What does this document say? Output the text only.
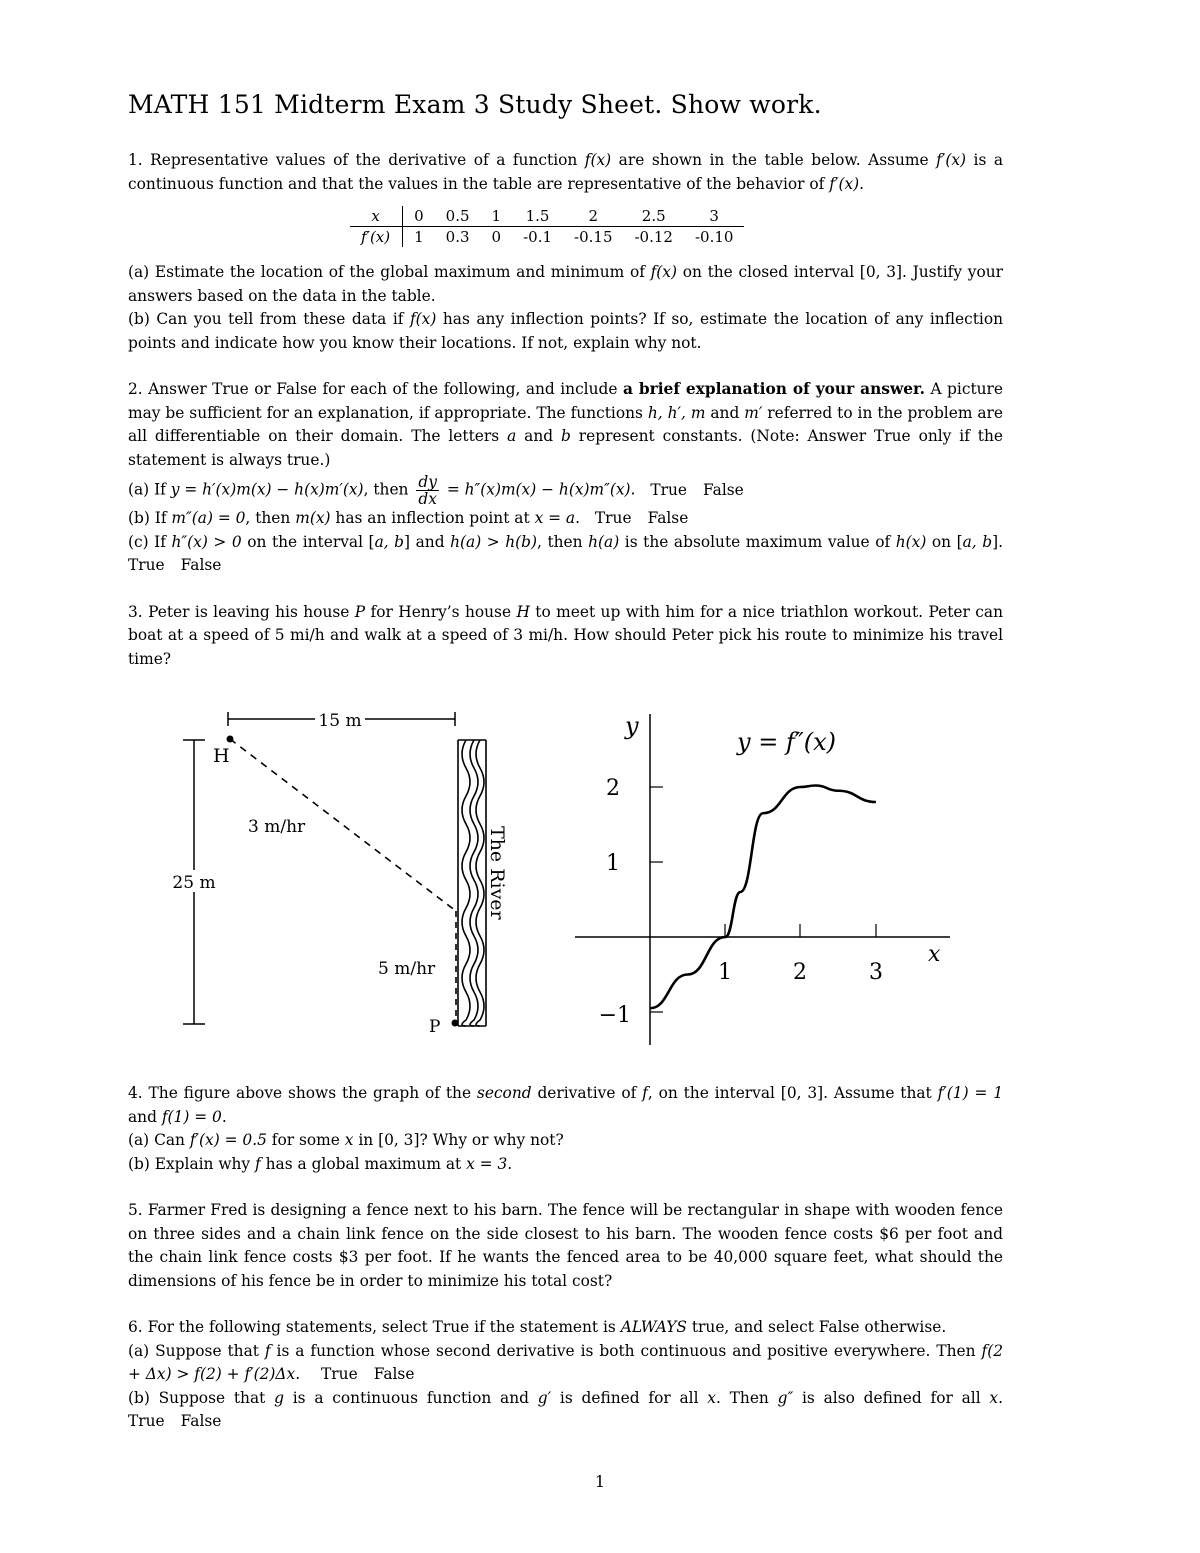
MATH 151 Midterm Exam 3 Study Sheet. Show work.

1. Representative values of the derivative of a function f(x) are shown in the table below. Assume f′(x) is a continuous function and that the values in the table are representative of the behavior of f′(x).

x	0	0.5	1	1.5	2	2.5	3
f′(x)	1	0.3	0	-0.1	-0.15	-0.12	-0.10

(a) Estimate the location of the global maximum and minimum of f(x) on the closed interval [0, 3]. Justify your answers based on the data in the table.

(b) Can you tell from these data if f(x) has any inflection points? If so, estimate the location of any inflection points and indicate how you know their locations. If not, explain why not.

2. Answer True or False for each of the following, and include a brief explanation of your answer. A picture may be sufficient for an explanation, if appropriate. The functions h, h′, m and m′ referred to in the problem are all differentiable on their domain. The letters a and b represent constants. (Note: Answer True only if the statement is always true.)

(a) If y = h′(x)m(x) − h(x)m′(x), then $\frac{dy}{dx} = h''(x)m(x) - h(x)m''(x)$. True False

(b) If m″(a) = 0, then m(x) has an inflection point at x = a. True False

(c) If h″(x) > 0 on the interval [a, b] and h(a) > h(b), then h(a) is the absolute maximum value of h(x) on [a, b]. True False

3. Peter is leaving his house P for Henry’s house H to meet up with him for a nice triathlon workout. Peter can boat at a speed of 5 mi/h and walk at a speed of 3 mi/h. How should Peter pick his route to minimize his travel time?

15 m
25 m
H
3 m/hr
5 m/hr
P
The River
1	2	3
2
1
−1
y
x
y = f″(x)

4. The figure above shows the graph of the second derivative of f, on the interval [0, 3]. Assume that f′(1) = 1 and f(1) = 0.

(a) Can f′(x) = 0.5 for some x in [0, 3]? Why or why not?

(b) Explain why f has a global maximum at x = 3.

5. Farmer Fred is designing a fence next to his barn. The fence will be rectangular in shape with wooden fence on three sides and a chain link fence on the side closest to his barn. The wooden fence costs $6 per foot and the chain link fence costs $3 per foot. If he wants the fenced area to be 40,000 square feet, what should the dimensions of his fence be in order to minimize his total cost?

6. For the following statements, select True if the statement is ALWAYS true, and select False otherwise.

(a) Suppose that f is a function whose second derivative is both continuous and positive everywhere. Then f(2 + Δx) > f(2) + f′(2)Δx. True False

(b) Suppose that g is a continuous function and g′ is defined for all x. Then g″ is also defined for all x. True False

1
